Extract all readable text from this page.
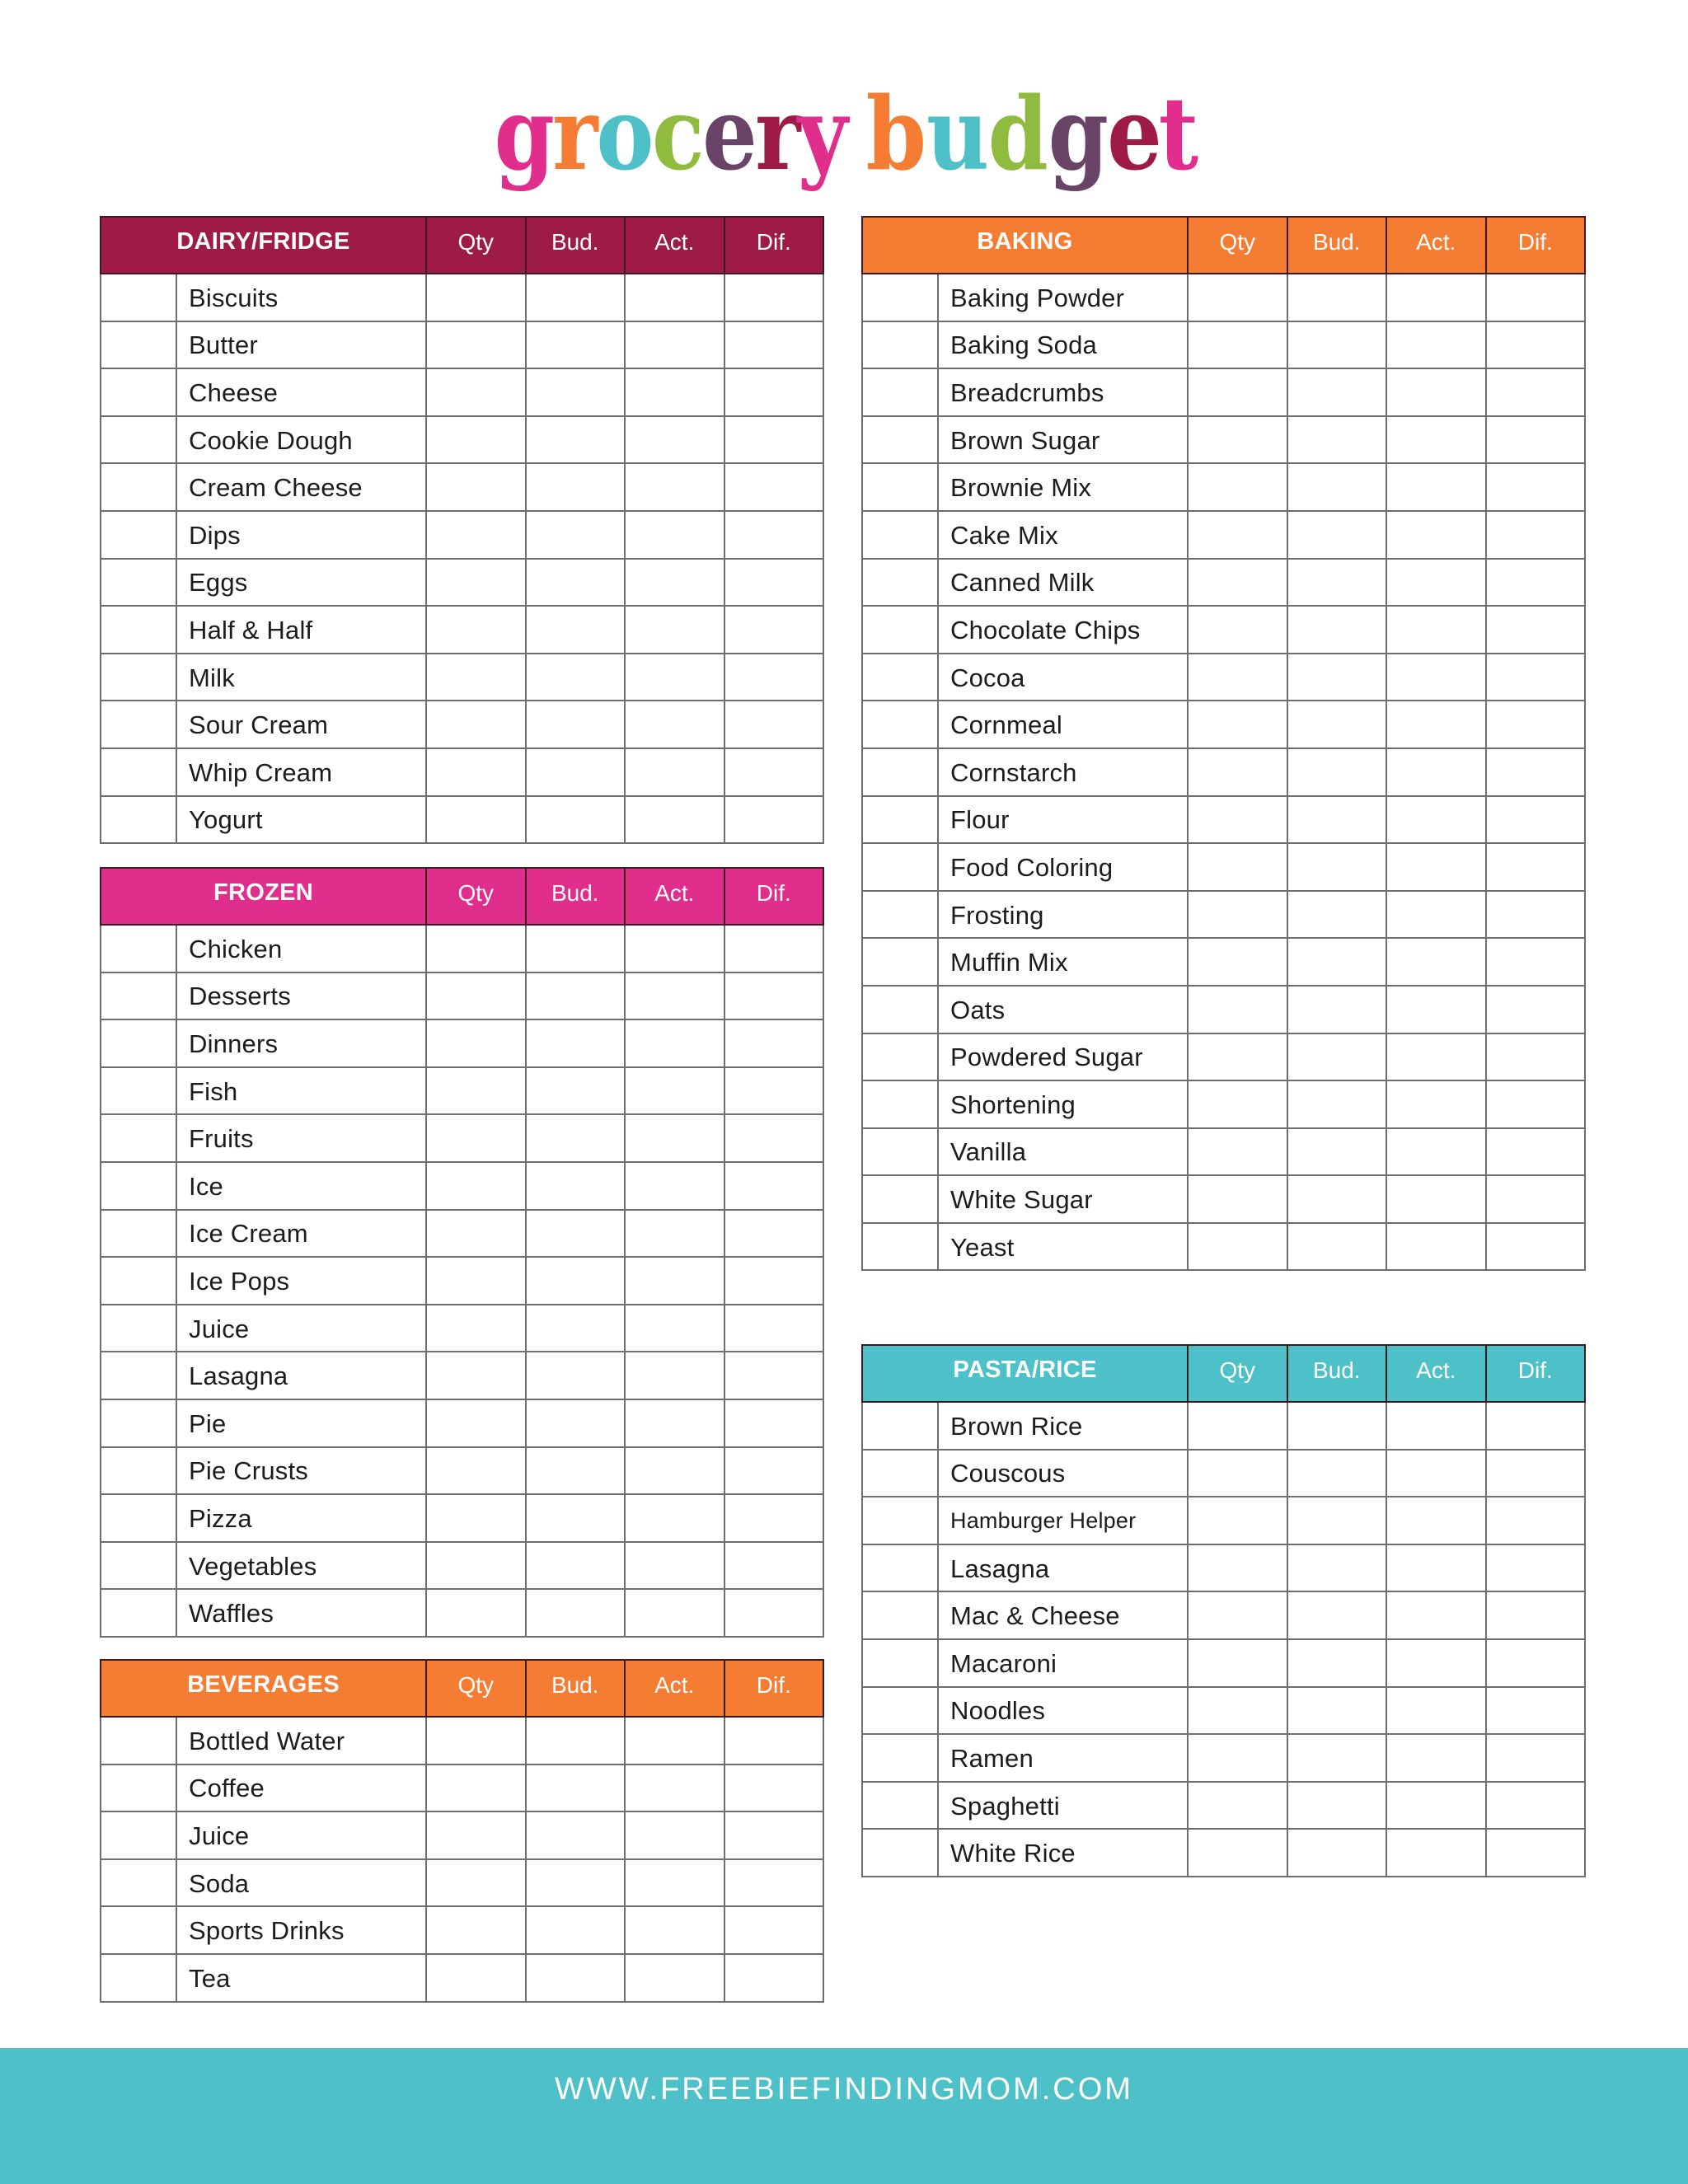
grocery budget
DAIRY/FRIDGE		Qty	Bud.	Act.	Dif.
	Biscuits				
	Butter				
	Cheese				
	Cookie Dough				
	Cream Cheese				
	Dips				
	Eggs				
	Half & Half				
	Milk				
	Sour Cream				
	Whip Cream				
	Yogurt				
FROZEN		Qty	Bud.	Act.	Dif.
	Chicken				
	Desserts				
	Dinners				
	Fish				
	Fruits				
	Ice				
	Ice Cream				
	Ice Pops				
	Juice				
	Lasagna				
	Pie				
	Pie Crusts				
	Pizza				
	Vegetables				
	Waffles				
BEVERAGES		Qty	Bud.	Act.	Dif.
	Bottled Water				
	Coffee				
	Juice				
	Soda				
	Sports Drinks				
	Tea				
BAKING		Qty	Bud.	Act.	Dif.
	Baking Powder				
	Baking Soda				
	Breadcrumbs				
	Brown Sugar				
	Brownie Mix				
	Cake Mix				
	Canned Milk				
	Chocolate Chips				
	Cocoa				
	Cornmeal				
	Cornstarch				
	Flour				
	Food Coloring				
	Frosting				
	Muffin Mix				
	Oats				
	Powdered Sugar				
	Shortening				
	Vanilla				
	White Sugar				
	Yeast				
PASTA/RICE		Qty	Bud.	Act.	Dif.
	Brown Rice				
	Couscous				
	Hamburger Helper				
	Lasagna				
	Mac & Cheese				
	Macaroni				
	Noodles				
	Ramen				
	Spaghetti				
	White Rice				
WWW.FREEBIEFINDINGMOM.COM
